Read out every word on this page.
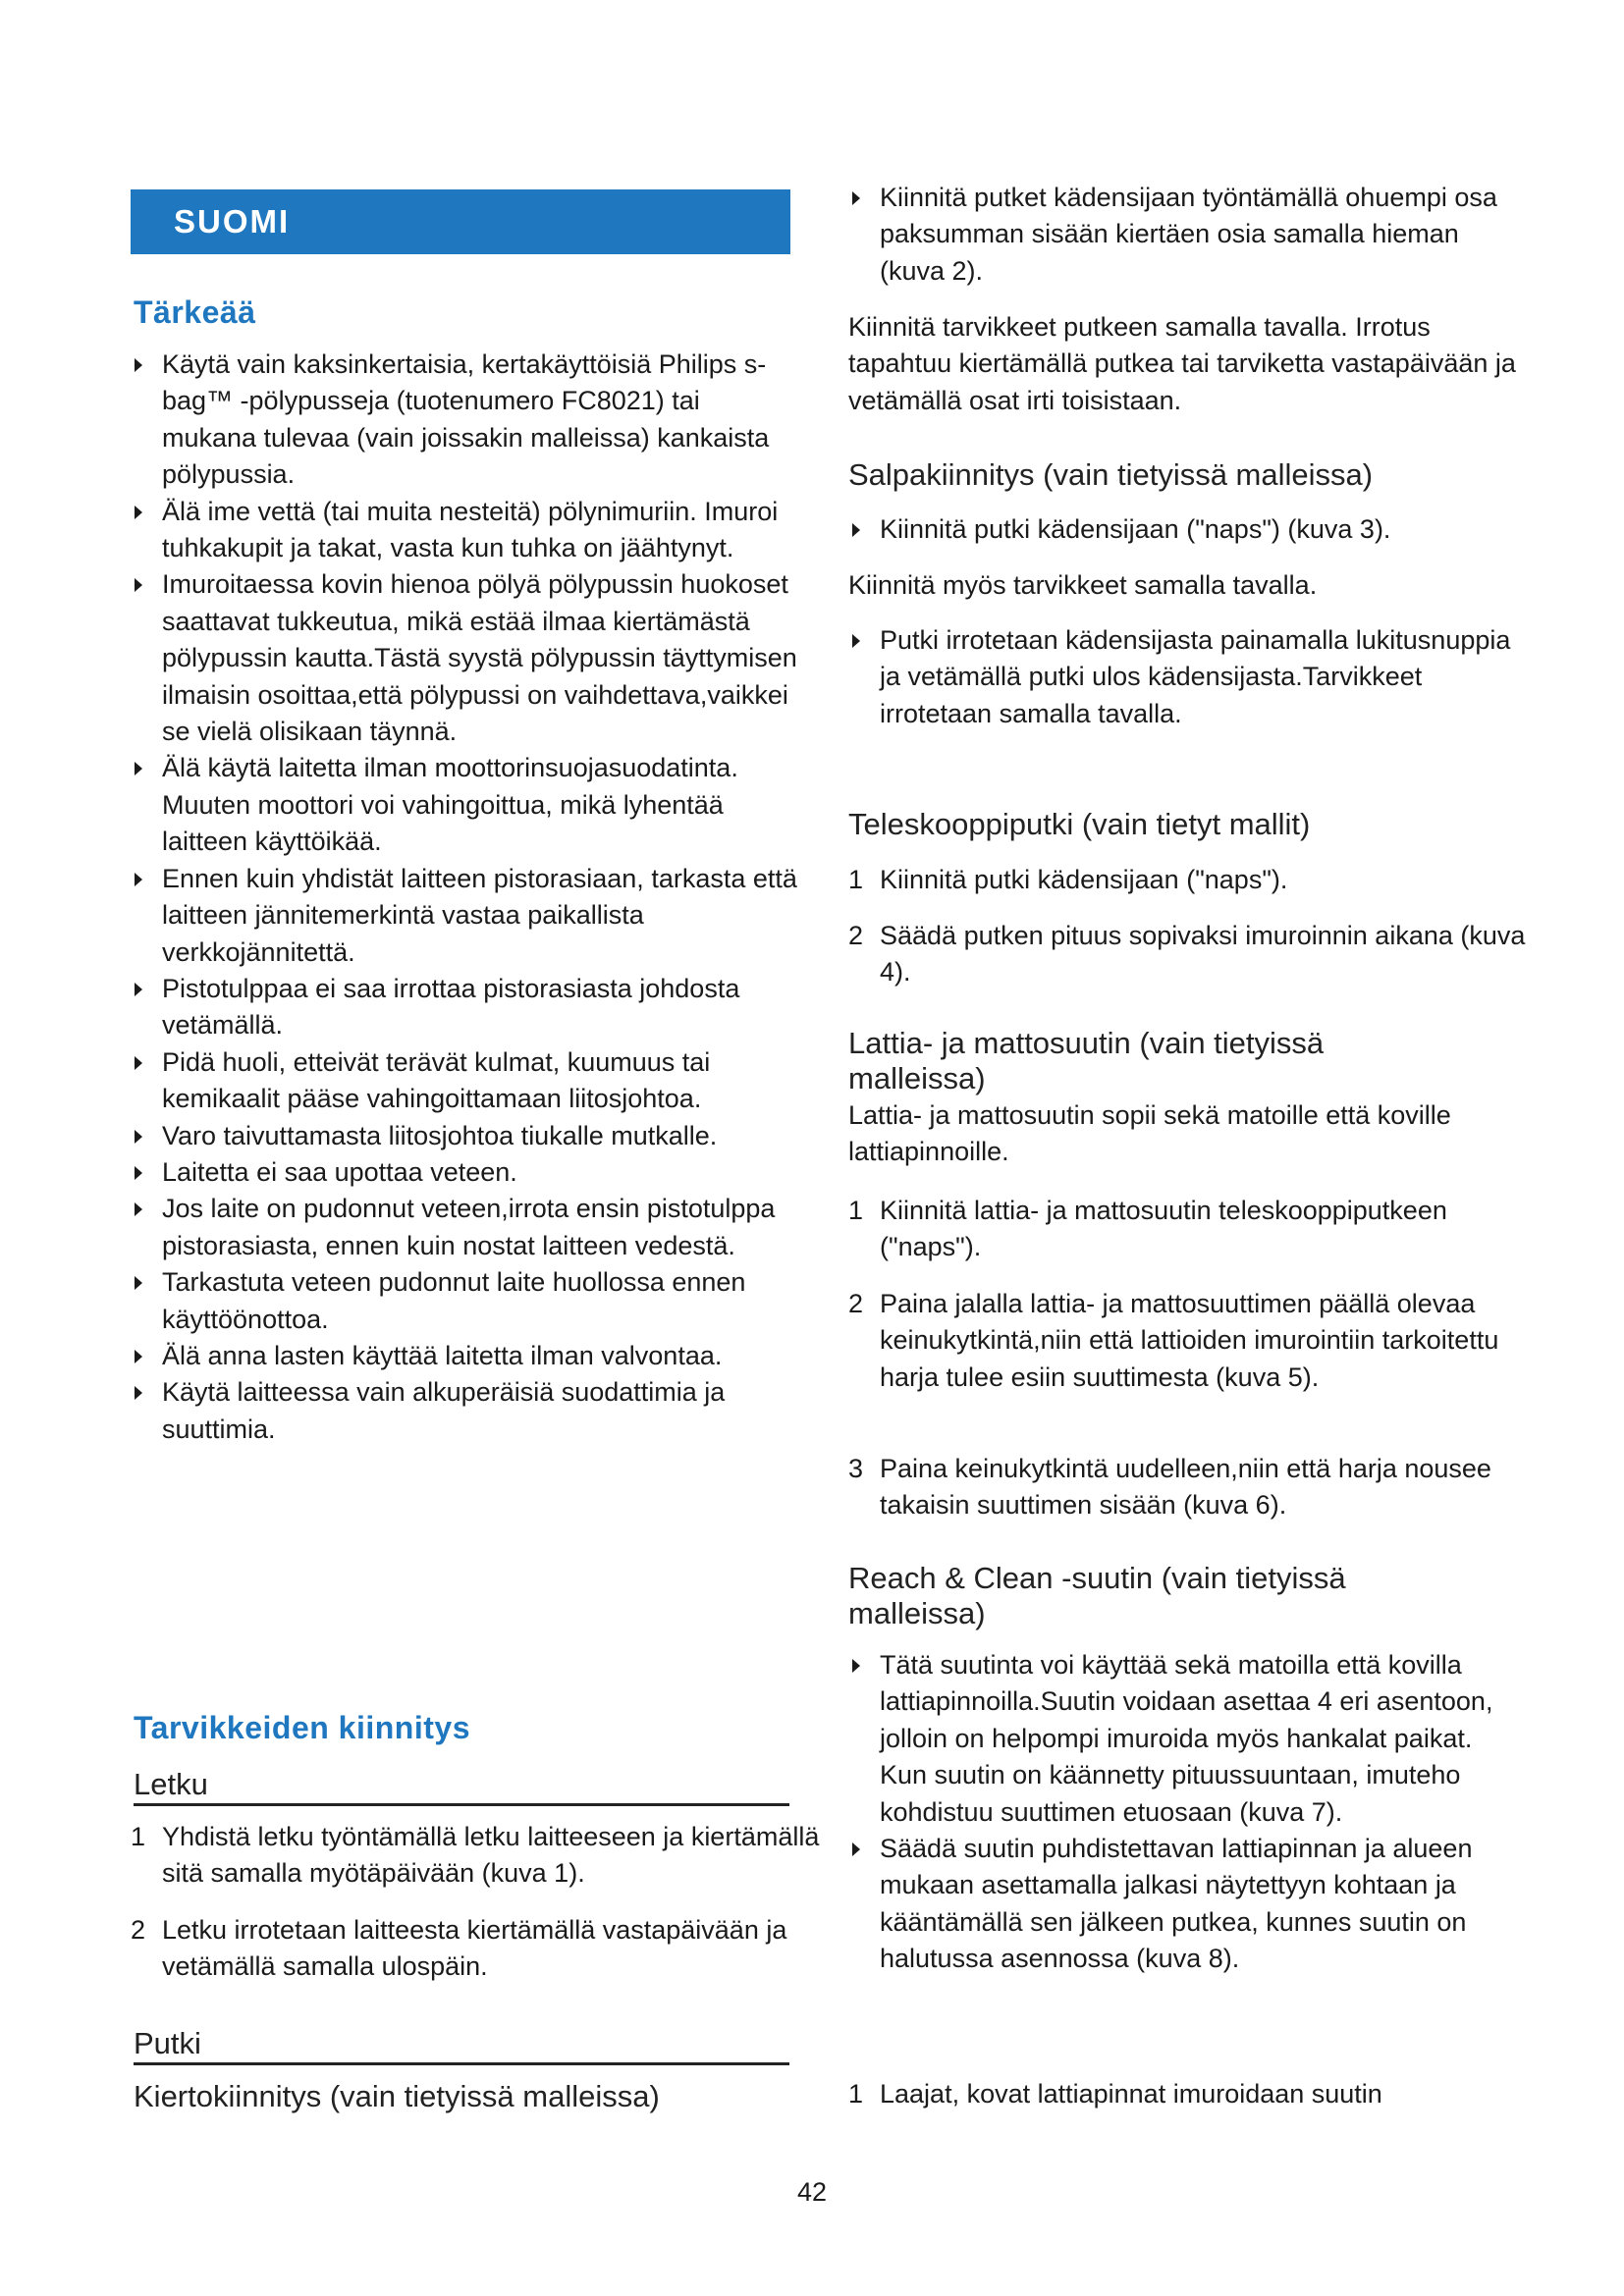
SUOMI
Tärkeää
Käytä vain kaksinkertaisia, kertakäyttöisiä Philips s-bag™ -pölypusseja (tuotenumero FC8021) tai mukana tulevaa (vain joissakin malleissa) kankaista pölypussia.
Älä ime vettä (tai muita nesteitä) pölynimuriin. Imuroi tuhkakupit ja takat, vasta kun tuhka on jäähtynyt.
Imuroitaessa kovin hienoa pölyä pölypussin huokoset saattavat tukkeutua, mikä estää ilmaa kiertämästä pölypussin kautta.Tästä syystä pölypussin täyttymisen ilmaisin osoittaa,että pölypussi on vaihdettava,vaikkei se vielä olisikaan täynnä.
Älä käytä laitetta ilman moottorinsuojasuodatinta. Muuten moottori voi vahingoittua, mikä lyhentää laitteen käyttöikää.
Ennen kuin yhdistät laitteen pistorasiaan, tarkasta että laitteen jännitemerkintä vastaa paikallista verkkojännitettä.
Pistotulppaa ei saa irrottaa pistorasiasta johdosta vetämällä.
Pidä huoli, etteivät terävät kulmat, kuumuus tai kemikaalit pääse vahingoittamaan liitosjohtoa.
Varo taivuttamasta liitosjohtoa tiukalle mutkalle.
Laitetta ei saa upottaa veteen.
Jos laite on pudonnut veteen,irrota ensin pistotulppa pistorasiasta, ennen kuin nostat laitteen vedestä.
Tarkastuta veteen pudonnut laite huollossa ennen käyttöönottoa.
Älä anna lasten käyttää laitetta ilman valvontaa.
Käytä laitteessa vain alkuperäisiä suodattimia ja suuttimia.
Tarvikkeiden kiinnitys
Letku
1 Yhdistä letku työntämällä letku laitteeseen ja kiertämällä sitä samalla myötäpäivään (kuva 1).
2 Letku irrotetaan laitteesta kiertämällä vastapäivään ja vetämällä samalla ulospäin.
Putki
Kiertokiinnitys (vain tietyissä malleissa)
Kiinnitä putket kädensijaan työntämällä ohuempi osa paksumman sisään kiertäen osia samalla hieman (kuva 2).

Kiinnitä tarvikkeet putkeen samalla tavalla. Irrotus tapahtuu kiertämällä putkea tai tarviketta vastapäivään ja vetämällä osat irti toisistaan.

Salpakiinnitys (vain tietyissä malleissa)
Kiinnitä putki kädensijaan ("naps") (kuva 3).

Kiinnitä myös tarvikkeet samalla tavalla.

Putki irrotetaan kädensijasta painamalla lukitusnuppia ja vetämällä putki ulos kädensijasta.Tarvikkeet irrotetaan samalla tavalla.
Teleskooppiputki (vain tietyt mallit)
1 Kiinnitä putki kädensijaan ("naps").
2 Säädä putken pituus sopivaksi imuroinnin aikana (kuva 4).
Lattia- ja mattosuutin (vain tietyissä malleissa)

Lattia- ja mattosuutin sopii sekä matoille että koville lattiapinnoille.

1 Kiinnitä lattia- ja mattosuutin teleskooppiputkeen ("naps").
2 Paina jalalla lattia- ja mattosuuttimen päällä olevaa keinukytkintä,niin että lattioiden imurointiin tarkoitettu harja tulee esiin suuttimesta (kuva 5).
3 Paina keinukytkintä uudelleen,niin että harja nousee takaisin suuttimen sisään (kuva 6).
Reach & Clean -suutin (vain tietyissä malleissa)
Tätä suutinta voi käyttää sekä matoilla että kovilla lattiapinnoilla.Suutin voidaan asettaa 4 eri asentoon, jolloin on helpompi imuroida myös hankalat paikat. Kun suutin on käännetty pituussuuntaan, imuteho kohdistuu suuttimen etuosaan (kuva 7).
Säädä suutin puhdistettavan lattiapinnan ja alueen mukaan asettamalla jalkasi näytettyyn kohtaan ja kääntämällä sen jälkeen putkea, kunnes suutin on halutussa asennossa (kuva 8).
1 Laajat, kovat lattiapinnat imuroidaan suutin
42
